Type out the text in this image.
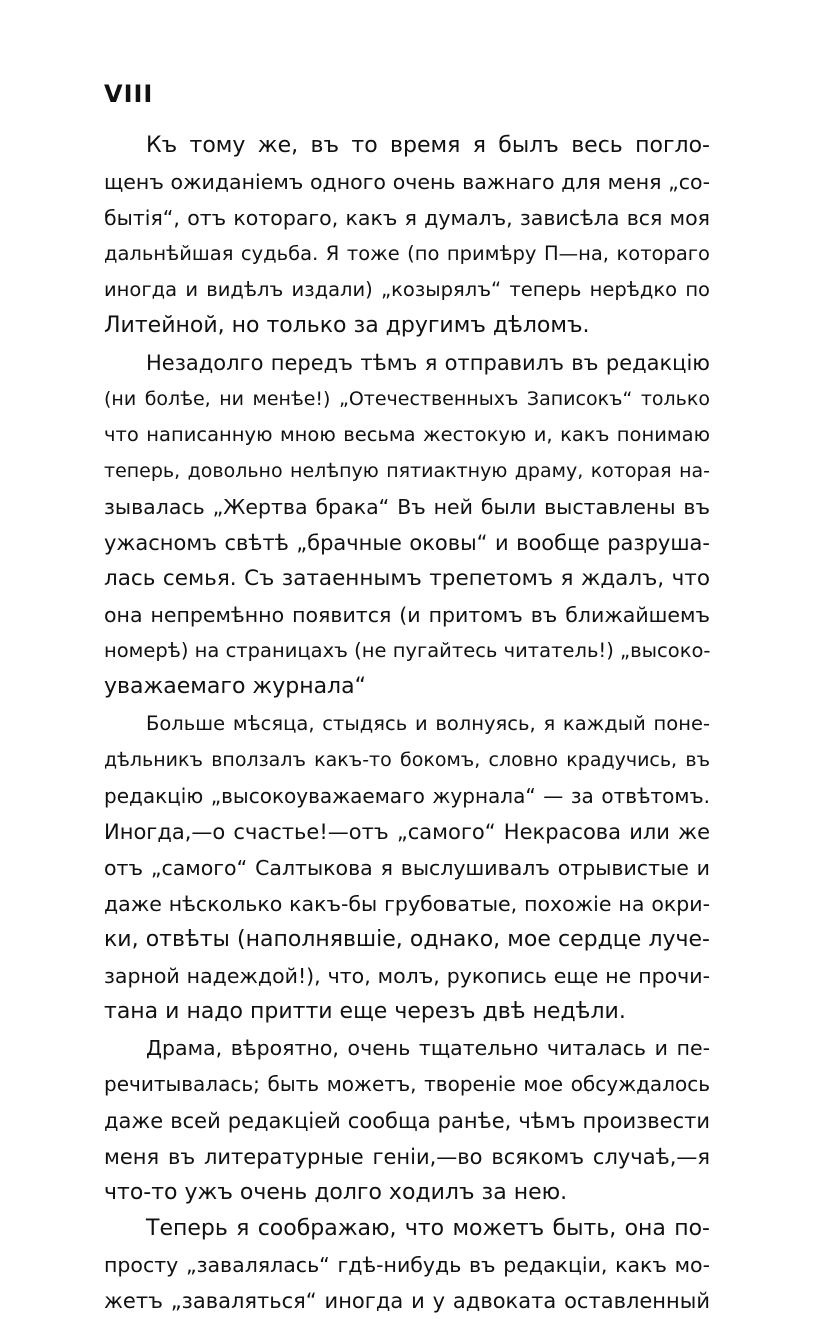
VIII
Къ тому же, въ то время я былъ весь погло-
щенъ ожиданіемъ одного очень важнаго для меня „со-
бытія“, отъ котораго, какъ я думалъ, зависѣла вся моя
дальнѣйшая судьба. Я тоже (по примѣру П—на, котораго
иногда и видѣлъ издали) „козырялъ“ теперь нерѣдко по
Литейной, но только за другимъ дѣломъ.
Незадолго передъ тѣмъ я отправилъ въ редакцію
(ни болѣе, ни менѣе!) „Отечественныхъ Записокъ“ только
что написанную мною весьма жестокую и, какъ понимаю
теперь, довольно нелѣпую пятиактную драму, которая на-
зывалась „Жертва брака“ Въ ней были выставлены въ
ужасномъ свѣтѣ „брачные оковы“ и вообще разруша-
лась семья. Съ затаеннымъ трепетомъ я ждалъ, что
она непремѣнно появится (и притомъ въ ближайшемъ
номерѣ) на страницахъ (не пугайтесь читатель!) „высоко-
уважаемаго журнала“
Больше мѣсяца, стыдясь и волнуясь, я каждый поне-
дѣльникъ вползалъ какъ-то бокомъ, словно крадучись, въ
редакцію „высокоуважаемаго журнала“ — за отвѣтомъ.
Иногда,—о счастье!—отъ „самого“ Некрасова или же
отъ „самого“ Салтыкова я выслушивалъ отрывистые и
даже нѣсколько какъ-бы грубоватые, похожіе на окри-
ки, отвѣты (наполнявшіе, однако, мое сердце луче-
зарной надеждой!), что, молъ, рукопись еще не прочи-
тана и надо притти еще черезъ двѣ недѣли.
Драма, вѣроятно, очень тщательно читалась и пе-
речитывалась; быть можетъ, твореніе мое обсуждалось
даже всей редакціей сообща ранѣе, чѣмъ произвести
меня въ литературные геніи,—во всякомъ случаѣ,—я
что-то ужъ очень долго ходилъ за нею.
Теперь я соображаю, что можетъ быть, она по-
просту „завалялась“ гдѣ-нибудь въ редакціи, какъ мо-
жетъ „заваляться“ иногда и у адвоката оставленный
